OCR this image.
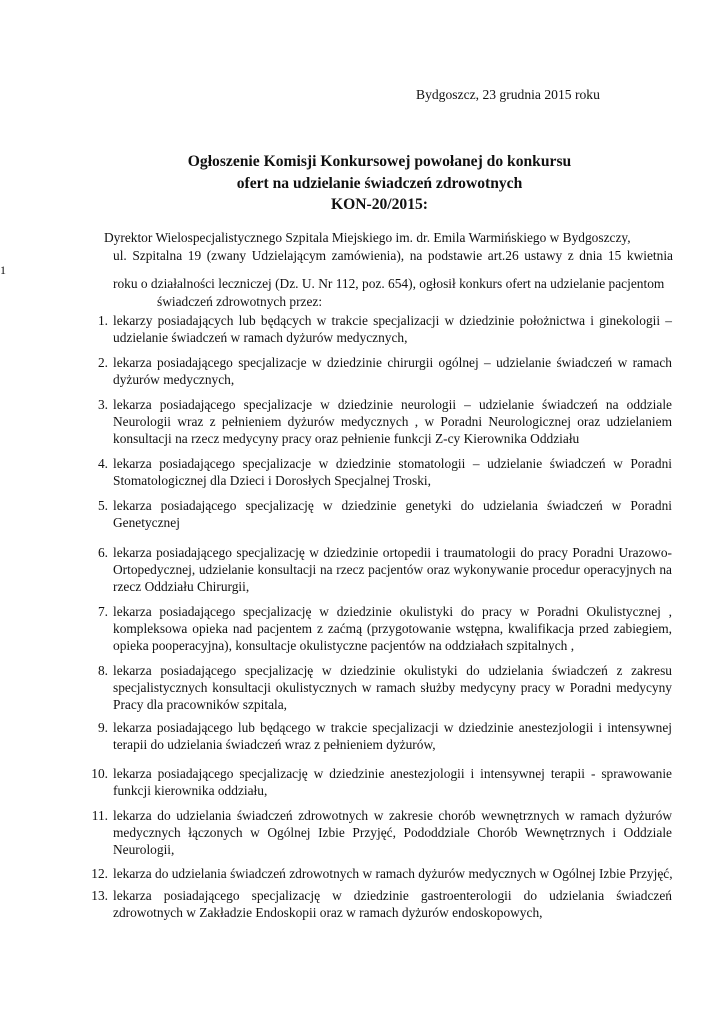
Bydgoszcz, 23 grudnia 2015 roku
Ogłoszenie Komisji Konkursowej powołanej do konkursu
ofert na udzielanie świadczeń zdrowotnych
KON-20/2015:
1
Dyrektor Wielospecjalistycznego Szpitala Miejskiego im. dr. Emila Warmińskiego w Bydgoszczy,
ul. Szpitalna 19 (zwany Udzielającym zamówienia), na podstawie art.26 ustawy z dnia 15 kwietnia
roku o działalności leczniczej (Dz. U. Nr 112, poz. 654), ogłosił konkurs ofert na udzielanie pacjentom
świadczeń zdrowotnych przez:
1. lekarzy posiadających lub będących w trakcie specjalizacji w dziedzinie położnictwa i ginekologii –
udzielanie świadczeń w ramach dyżurów medycznych,
2. lekarza posiadającego specjalizacje w dziedzinie chirurgii ogólnej – udzielanie świadczeń w ramach
dyżurów medycznych,
3. lekarza posiadającego specjalizacje w dziedzinie neurologii – udzielanie świadczeń na oddziale
Neurologii wraz z pełnieniem dyżurów medycznych , w Poradni Neurologicznej oraz udzielaniem
konsultacji na rzecz medycyny pracy oraz pełnienie funkcji Z-cy Kierownika Oddziału
4. lekarza posiadającego specjalizacje w dziedzinie stomatologii – udzielanie świadczeń w Poradni
Stomatologicznej dla Dzieci i Dorosłych Specjalnej Troski,
5. lekarza posiadającego specjalizację w dziedzinie genetyki do udzielania świadczeń w Poradni
Genetycznej
6. lekarza posiadającego specjalizację w dziedzinie ortopedii i traumatologii do pracy Poradni Urazowo-
Ortopedycznej, udzielanie konsultacji na rzecz pacjentów oraz wykonywanie procedur operacyjnych na
rzecz Oddziału Chirurgii,
7. lekarza posiadającego specjalizację w dziedzinie okulistyki do pracy w Poradni Okulistycznej ,
kompleksowa opieka nad pacjentem z zaćmą (przygotowanie wstępna, kwalifikacja przed zabiegiem,
opieka pooperacyjna), konsultacje okulistyczne pacjentów na oddziałach szpitalnych ,
8. lekarza posiadającego specjalizację w dziedzinie okulistyki do udzielania świadczeń z zakresu
specjalistycznych konsultacji okulistycznych w ramach służby medycyny pracy w Poradni medycyny
Pracy dla pracowników szpitala,
9. lekarza posiadającego lub będącego w trakcie specjalizacji w dziedzinie anestezjologii i intensywnej
terapii do udzielania świadczeń wraz z pełnieniem dyżurów,
10. lekarza posiadającego specjalizację w dziedzinie anestezjologii i intensywnej terapii - sprawowanie
funkcji kierownika oddziału,
11. lekarza do udzielania świadczeń zdrowotnych w zakresie chorób wewnętrznych w ramach dyżurów
medycznych łączonych w Ogólnej Izbie Przyjęć, Pododdziale Chorób Wewnętrznych i Oddziale
Neurologii,
12. lekarza do udzielania świadczeń zdrowotnych w ramach dyżurów medycznych w Ogólnej Izbie Przyjęć,
13. lekarza posiadającego specjalizację w dziedzinie gastroenterologii do udzielania świadczeń
zdrowotnych w Zakładzie Endoskopii oraz w ramach dyżurów endoskopowych,
